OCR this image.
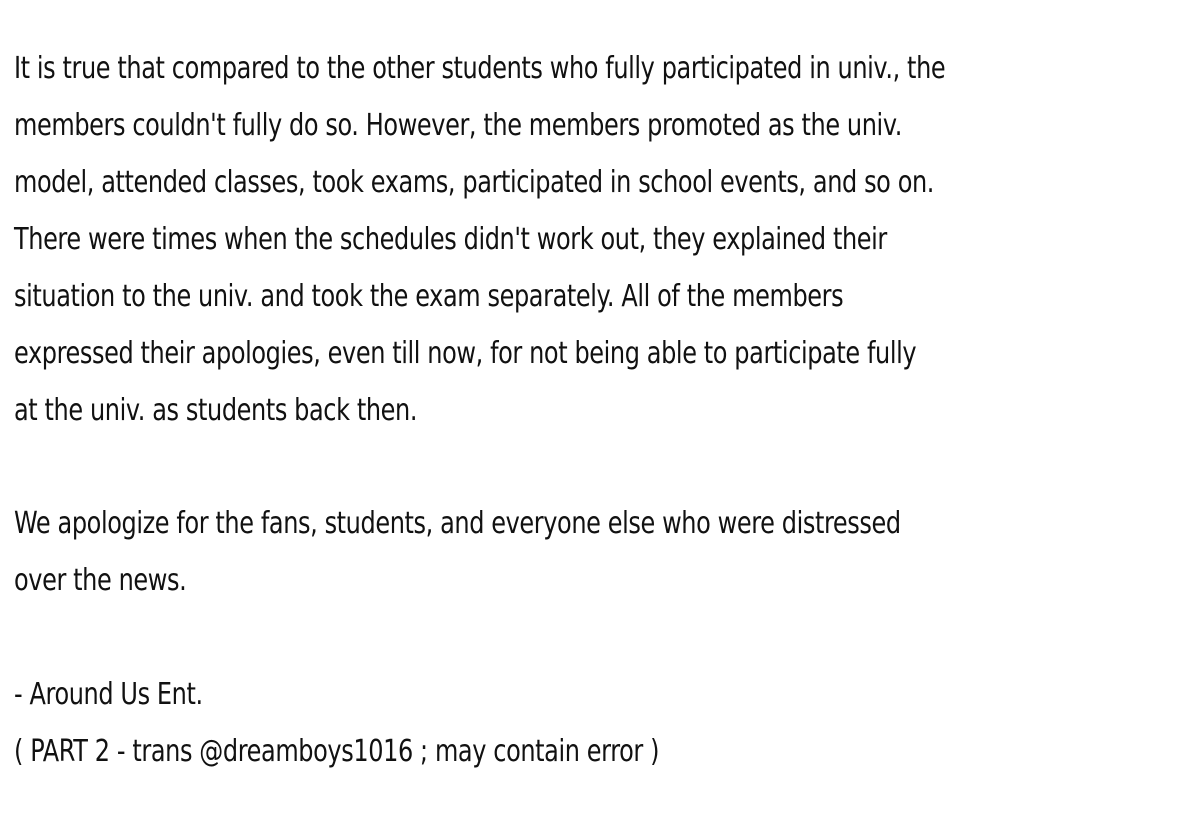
It is true that compared to the other students who fully participated in univ., the

members couldn't fully do so. However, the members promoted as the univ.

model, attended classes, took exams, participated in school events, and so on.

There were times when the schedules didn't work out, they explained their

situation to the univ. and took the exam separately. All of the members

expressed their apologies, even till now, for not being able to participate fully

at the univ. as students back then.

We apologize for the fans, students, and everyone else who were distressed

over the news.

- Around Us Ent.

( PART 2 - trans @dreamboys1016 ; may contain error )
